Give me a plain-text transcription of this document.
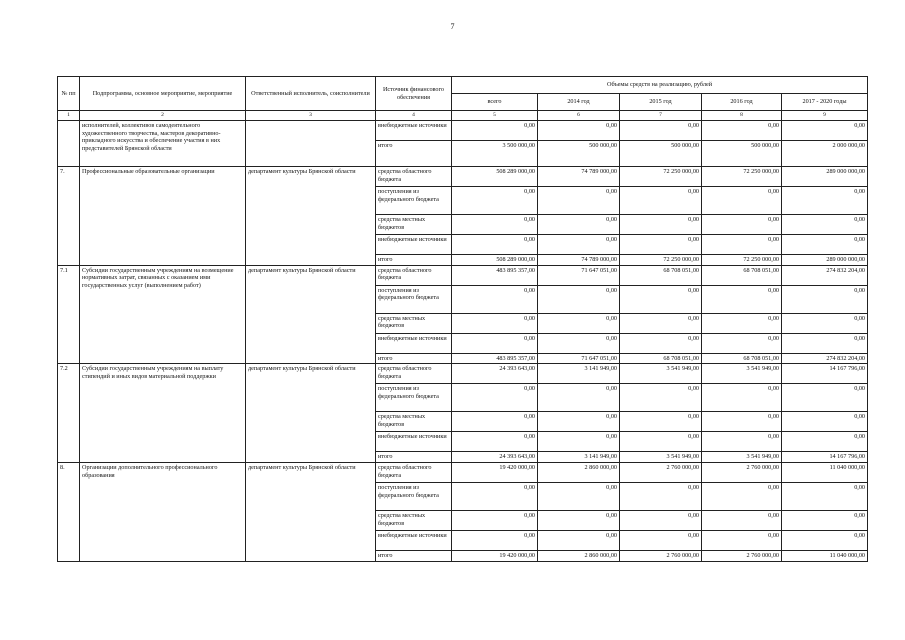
7
№ пп	Подпрограмма, основное мероприятие, мероприятие	Ответственный исполнитель, соисполнители	Источник финансового обеспечения	Объемы средств на реализацию, рублей				
				всего	2014 год	2015 год	2016 год	2017 - 2020 годы
1	2	3	4	5	6	7	8	9
	исполнителей, коллективов самодеятельного художественного творчества, мастеров декоративно-прикладного искусства и обеспечение участия в них представителей Брянской области		внебюджетные источники	0,00	0,00	0,00	0,00	0,00
			итого	3 500 000,00	500 000,00	500 000,00	500 000,00	2 000 000,00
7.	Профессиональные образовательные организации	департамент культуры Брянской области	средства областного бюджета	508 289 000,00	74 789 000,00	72 250 000,00	72 250 000,00	289 000 000,00
			поступления из федерального бюджета	0,00	0,00	0,00	0,00	0,00
			средства местных бюджетов	0,00	0,00	0,00	0,00	0,00
			внебюджетные источники	0,00	0,00	0,00	0,00	0,00
			итого	508 289 000,00	74 789 000,00	72 250 000,00	72 250 000,00	289 000 000,00
7.1	Субсидии государственным учреждениям на возмещение нормативных затрат, связанных с оказанием ими государственных услуг (выполнением работ)	департамент культуры Брянской области	средства областного бюджета	483 895 357,00	71 647 051,00	68 708 051,00	68 708 051,00	274 832 204,00
			поступления из федерального бюджета	0,00	0,00	0,00	0,00	0,00
			средства местных бюджетов	0,00	0,00	0,00	0,00	0,00
			внебюджетные источники	0,00	0,00	0,00	0,00	0,00
			итого	483 895 357,00	71 647 051,00	68 708 051,00	68 708 051,00	274 832 204,00
7.2	Субсидии государственным учреждениям на выплату стипендий и иных видов материальной поддержки	департамент культуры Брянской области	средства областного бюджета	24 393 643,00	3 141 949,00	3 541 949,00	3 541 949,00	14 167 796,00
			поступления из федерального бюджета	0,00	0,00	0,00	0,00	0,00
			средства местных бюджетов	0,00	0,00	0,00	0,00	0,00
			внебюджетные источники	0,00	0,00	0,00	0,00	0,00
			итого	24 393 643,00	3 141 949,00	3 541 949,00	3 541 949,00	14 167 796,00
8.	Организации дополнительного профессионального образования	департамент культуры Брянской области	средства областного бюджета	19 420 000,00	2 860 000,00	2 760 000,00	2 760 000,00	11 040 000,00
			поступления из федерального бюджета	0,00	0,00	0,00	0,00	0,00
			средства местных бюджетов	0,00	0,00	0,00	0,00	0,00
			внебюджетные источники	0,00	0,00	0,00	0,00	0,00
			итого	19 420 000,00	2 860 000,00	2 760 000,00	2 760 000,00	11 040 000,00
